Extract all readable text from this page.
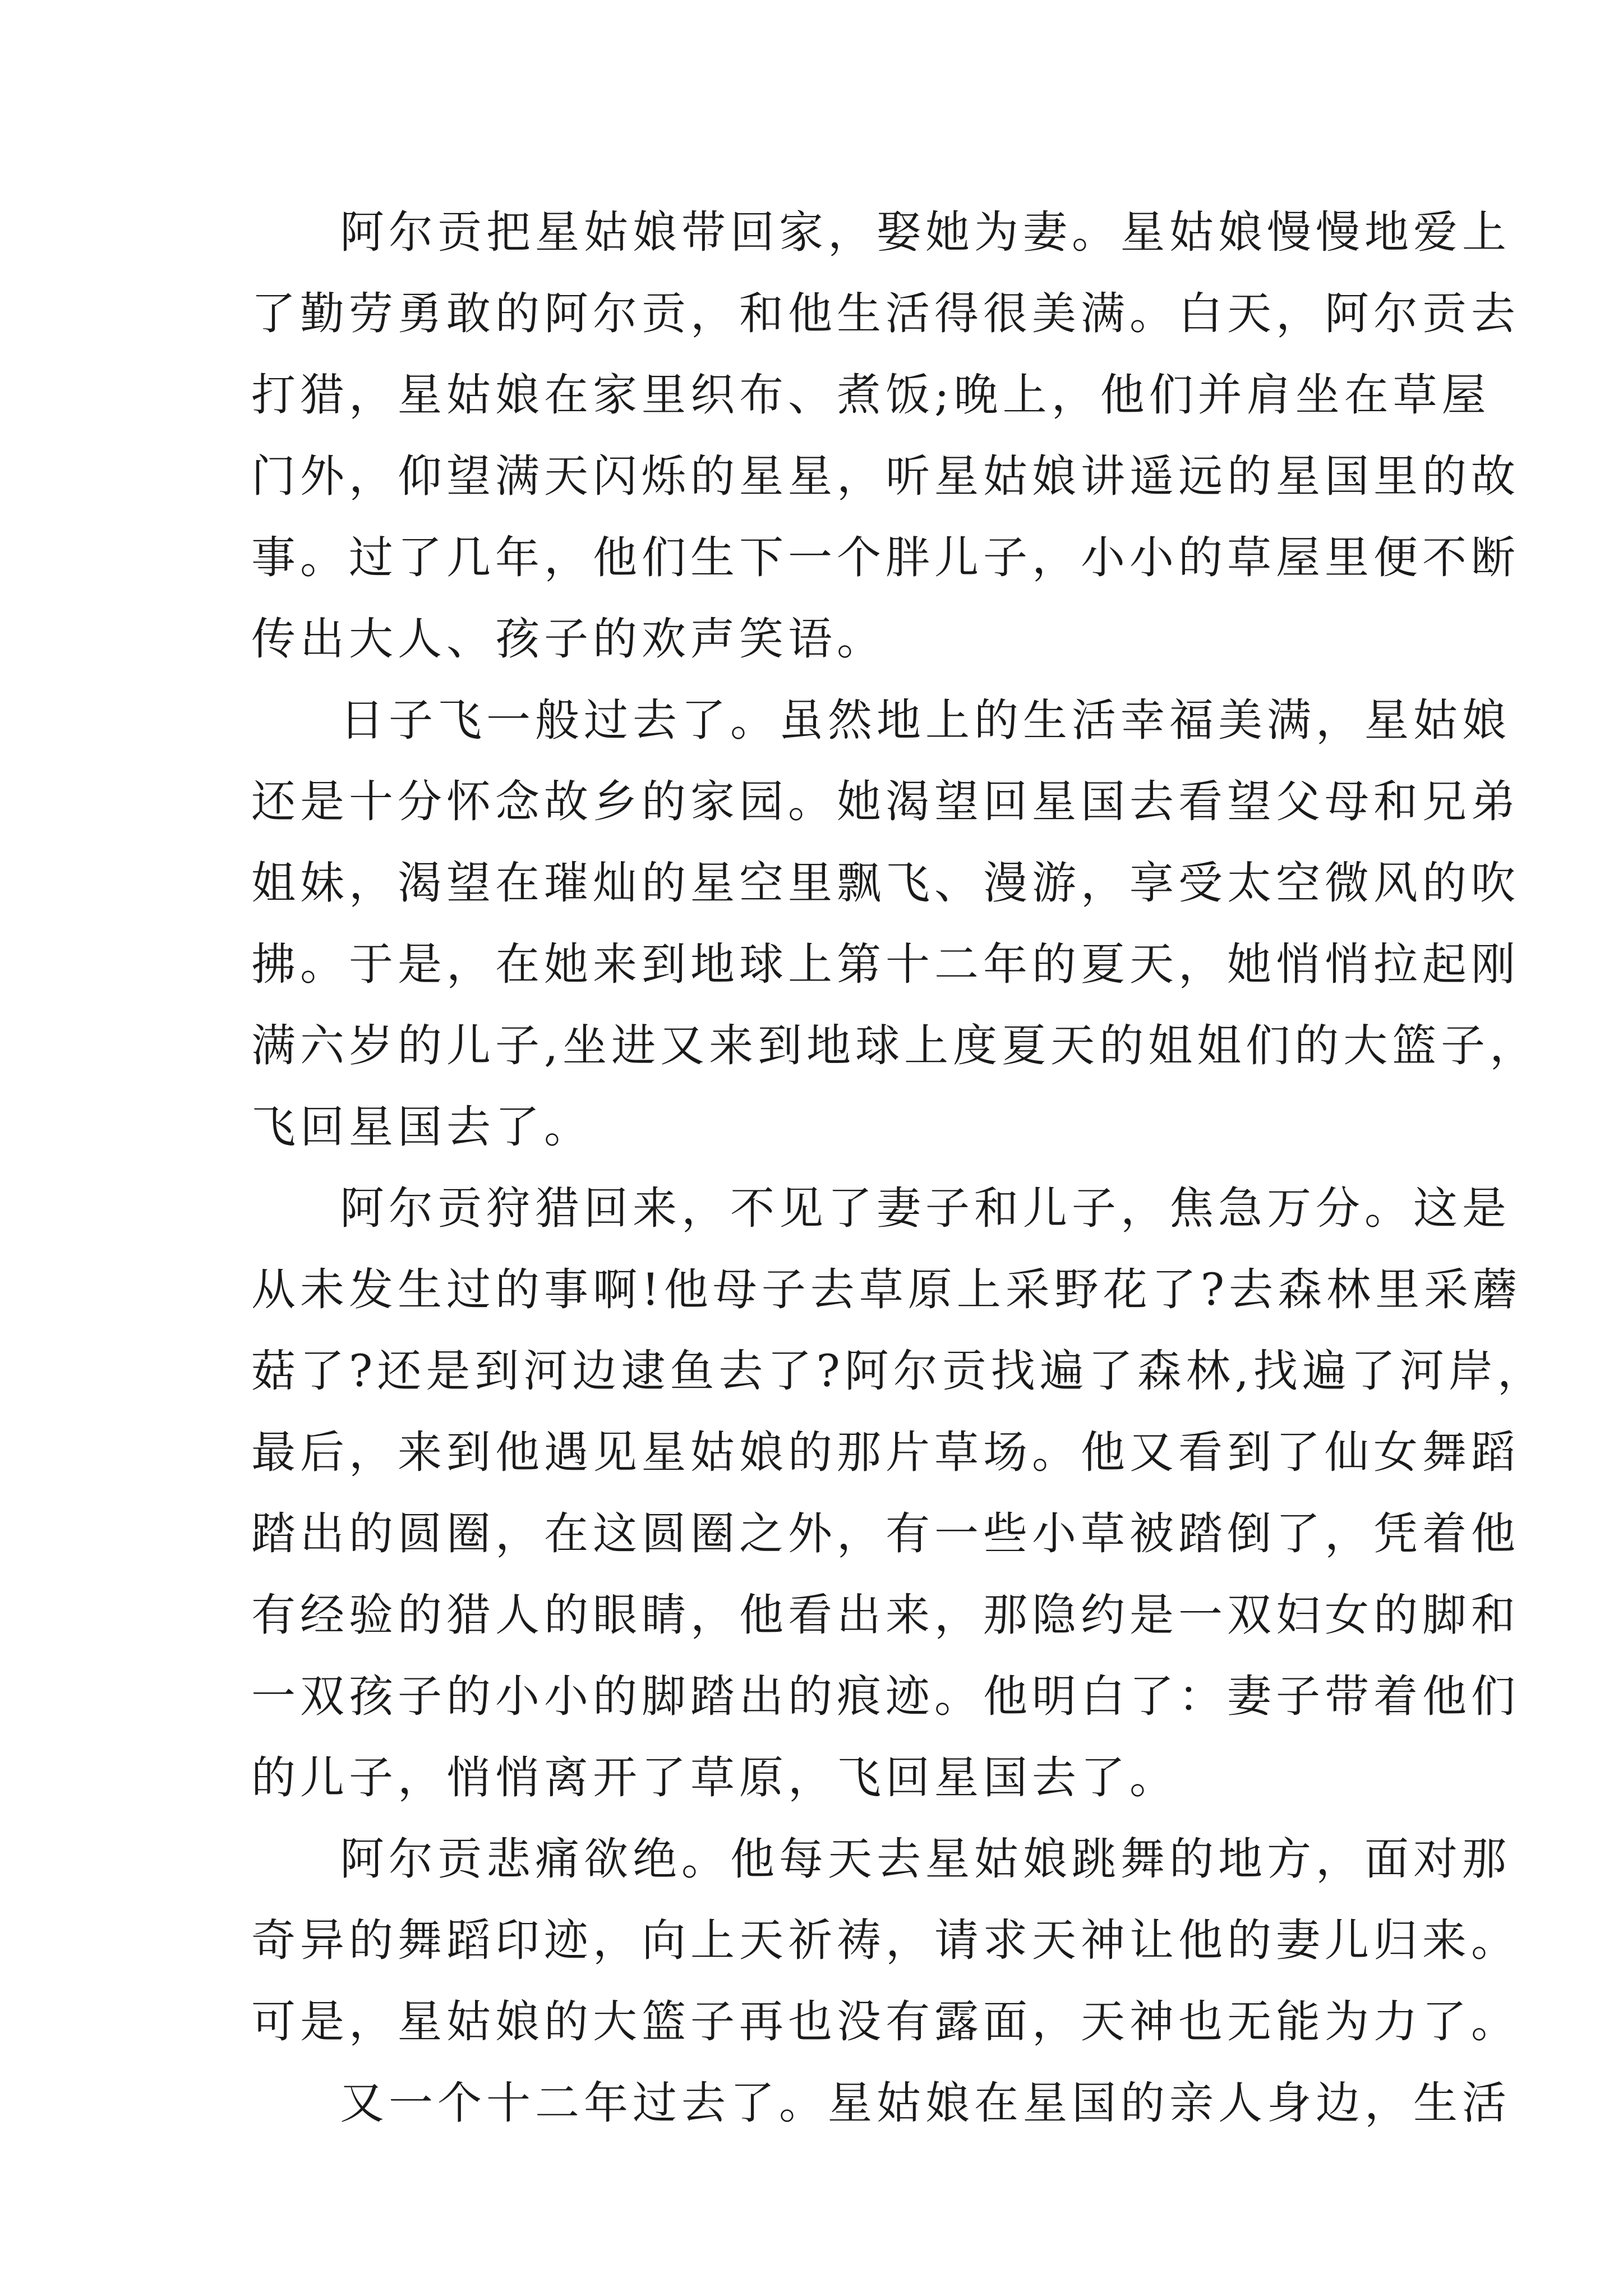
阿尔贡把星姑娘带回家，娶她为妻。星姑娘慢慢地爱上
了勤劳勇敢的阿尔贡，和他生活得很美满。白天，阿尔贡去
打猎，星姑娘在家里织布、煮饭;晚上，他们并肩坐在草屋
门外，仰望满天闪烁的星星，听星姑娘讲遥远的星国里的故
事。过了几年，他们生下一个胖儿子，小小的草屋里便不断
传出大人、孩子的欢声笑语。
日子飞一般过去了。虽然地上的生活幸福美满，星姑娘
还是十分怀念故乡的家园。她渴望回星国去看望父母和兄弟
姐妹，渴望在璀灿的星空里飘飞、漫游，享受太空微风的吹
拂。于是，在她来到地球上第十二年的夏天，她悄悄拉起刚
满六岁的儿子,坐进又来到地球上度夏天的姐姐们的大篮子，
飞回星国去了。
阿尔贡狩猎回来，不见了妻子和儿子，焦急万分。这是
从未发生过的事啊!他母子去草原上采野花了?去森林里采蘑
菇了?还是到河边逮鱼去了?阿尔贡找遍了森林,找遍了河岸，
最后，来到他遇见星姑娘的那片草场。他又看到了仙女舞蹈
踏出的圆圈，在这圆圈之外，有一些小草被踏倒了，凭着他
有经验的猎人的眼睛，他看出来，那隐约是一双妇女的脚和
一双孩子的小小的脚踏出的痕迹。他明白了：妻子带着他们
的儿子，悄悄离开了草原，飞回星国去了。
阿尔贡悲痛欲绝。他每天去星姑娘跳舞的地方，面对那
奇异的舞蹈印迹，向上天祈祷，请求天神让他的妻儿归来。
可是，星姑娘的大篮子再也没有露面，天神也无能为力了。
又一个十二年过去了。星姑娘在星国的亲人身边，生活
